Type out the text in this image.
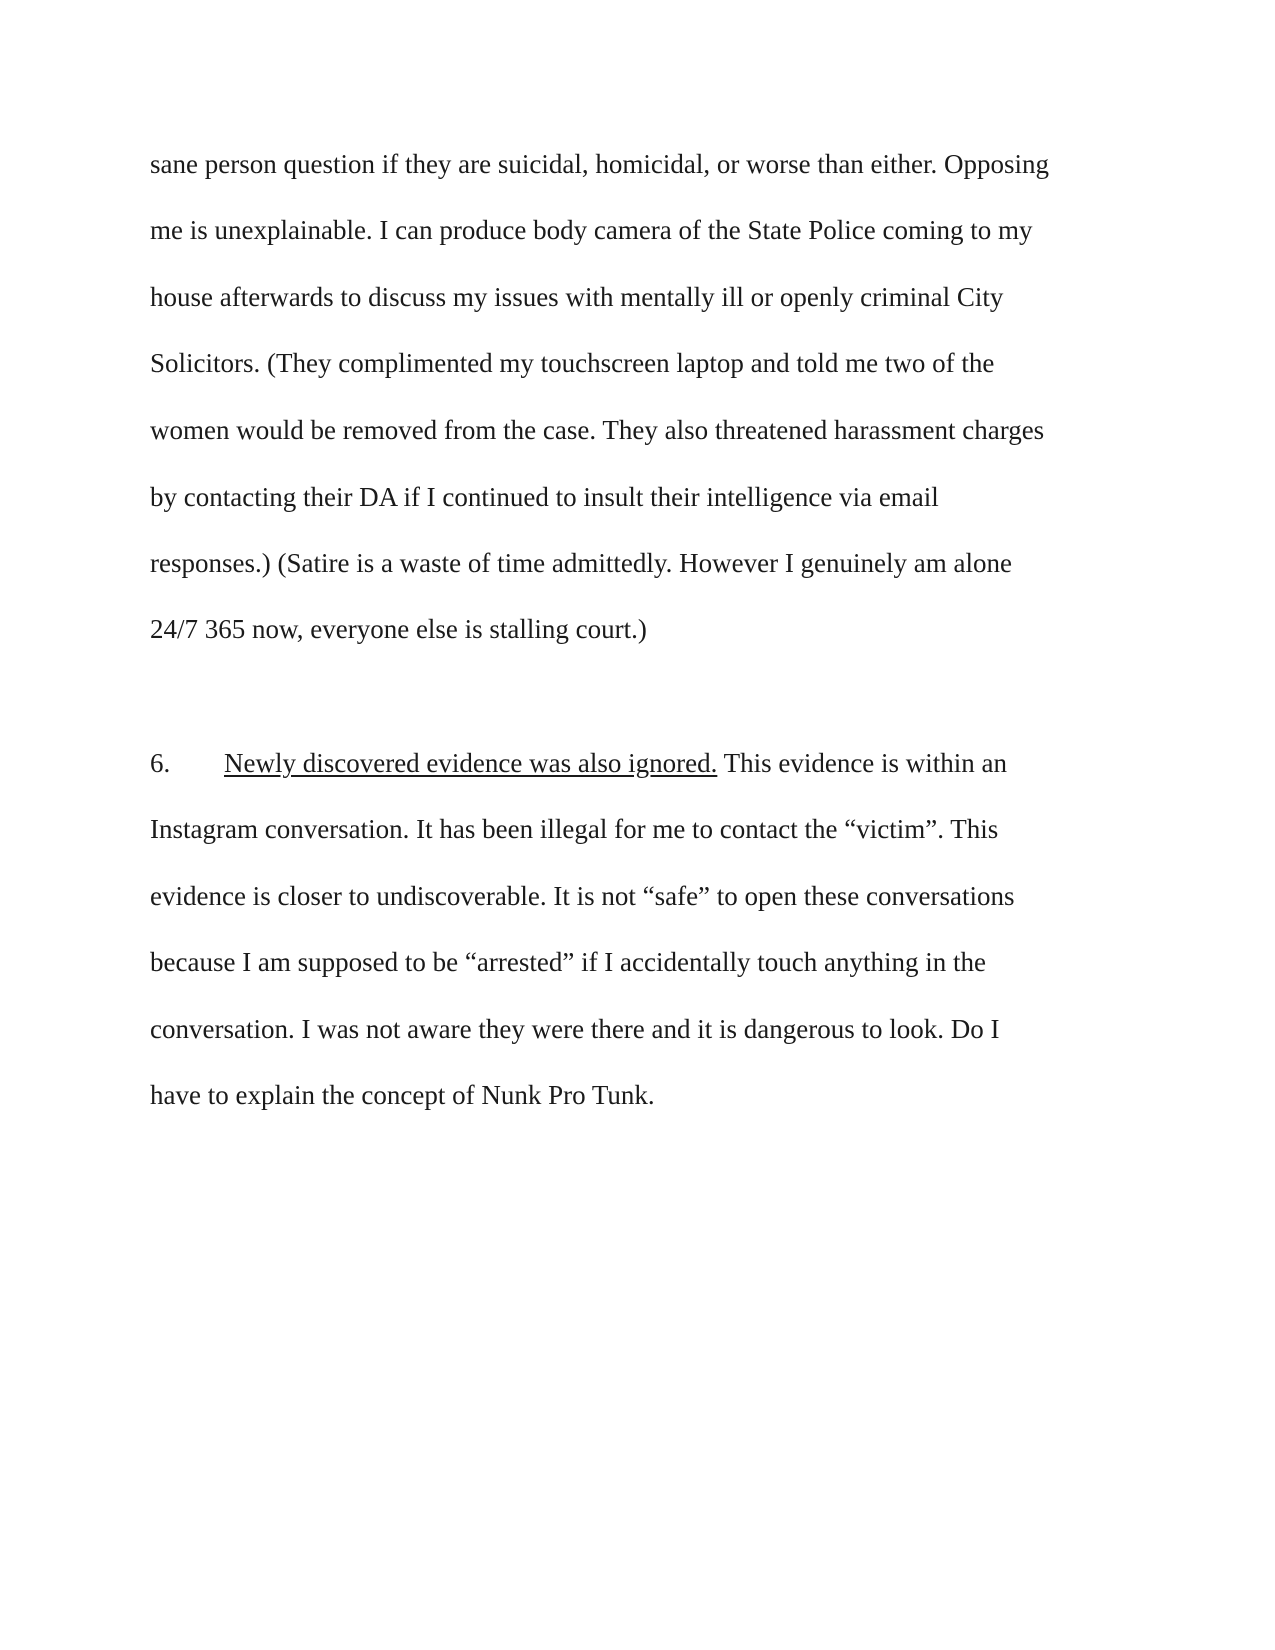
sane person question if they are suicidal, homicidal, or worse than either. Opposing
me is unexplainable. I can produce body camera of the State Police coming to my
house afterwards to discuss my issues with mentally ill or openly criminal City
Solicitors. (They complimented my touchscreen laptop and told me two of the
women would be removed from the case. They also threatened harassment charges
by contacting their DA if I continued to insult their intelligence via email
responses.) (Satire is a waste of time admittedly. However I genuinely am alone
24/7 365 now, everyone else is stalling court.)
6. Newly discovered evidence was also ignored. This evidence is within an
Instagram conversation. It has been illegal for me to contact the “victim”. This
evidence is closer to undiscoverable. It is not “safe” to open these conversations
because I am supposed to be “arrested” if I accidentally touch anything in the
conversation. I was not aware they were there and it is dangerous to look. Do I
have to explain the concept of Nunk Pro Tunk.
